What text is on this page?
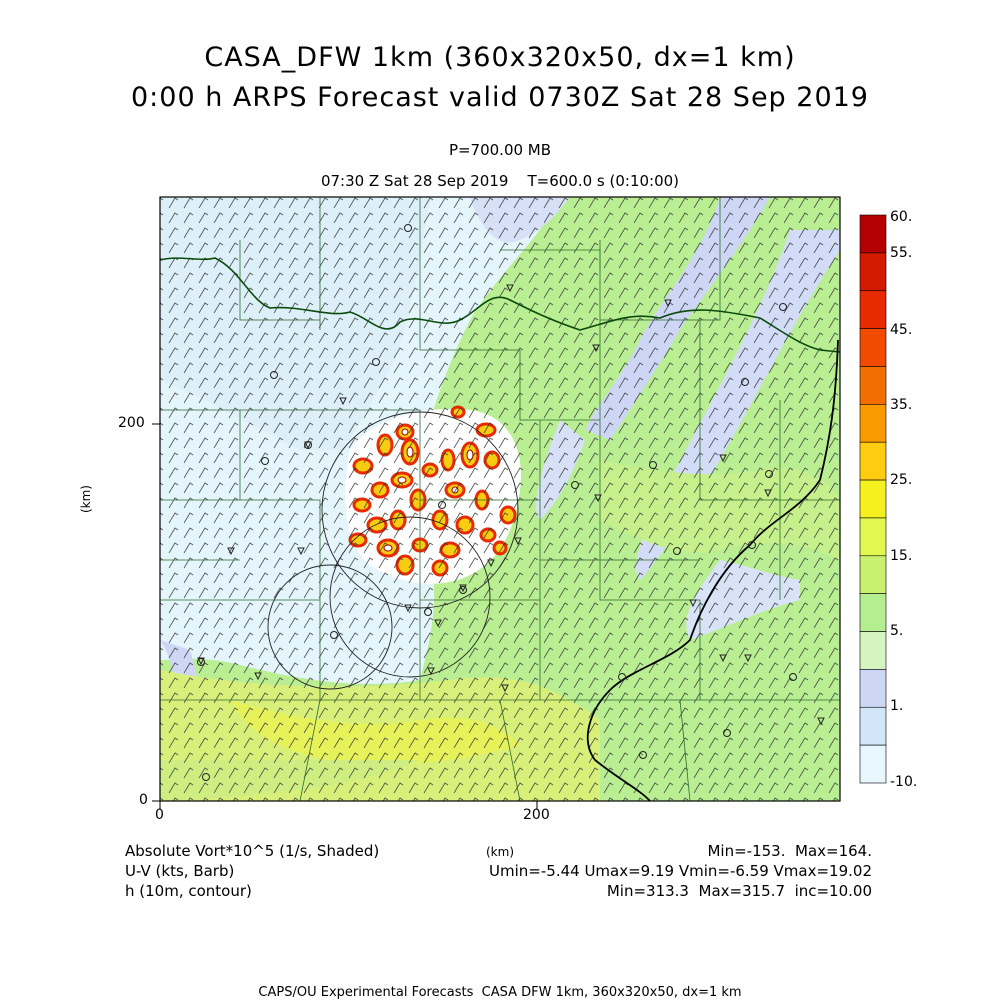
CASA_DFW 1km (360x320x50, dx=1 km)
0:00 h ARPS Forecast valid 0730Z Sat 28 Sep 2019
P=700.00 MB
07:30 Z Sat 28 Sep 2019    T=600.0 s (0:10:00)
200
0
0	200
(km)
(km)
60.
55.
45.
35.
25.
15.
5.
1.
-10.
Absolute Vort*10^5 (1/s, Shaded)
U-V (kts, Barb)
h (10m, contour)
Min=-153.  Max=164.
Umin=-5.44 Umax=9.19 Vmin=-6.59 Vmax=19.02
Min=313.3  Max=315.7  inc=10.00
CAPS/OU Experimental Forecasts  CASA DFW 1km, 360x320x50, dx=1 km
